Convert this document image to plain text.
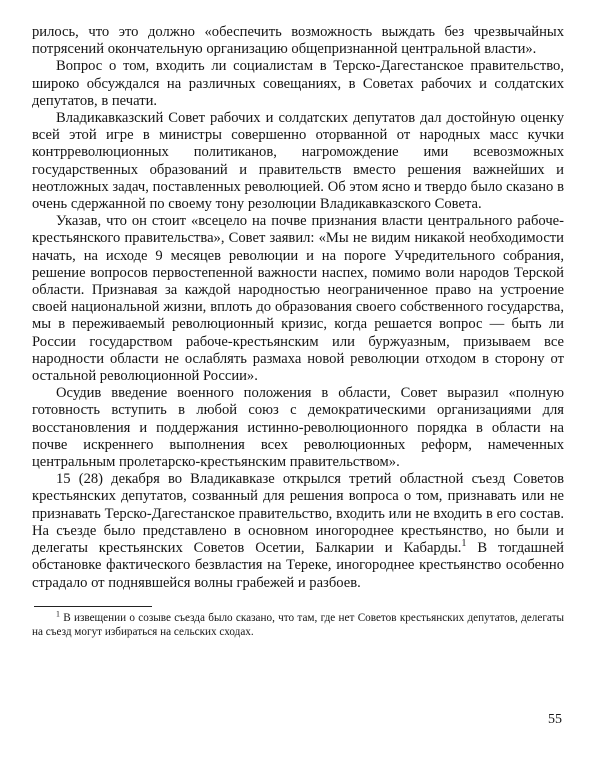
рилось, что это должно «обеспечить возможность выждать без чрезвычайных потрясений окончательную организацию общепризнанной центральной власти».

Вопрос о том, входить ли социалистам в Терско-Дагестанское правительство, широко обсуждался на различных совещаниях, в Советах рабочих и солдатских депутатов, в печати.

Владикавказский Совет рабочих и солдатских депутатов дал достойную оценку всей этой игре в министры совершенно оторванной от народных масс кучки контрреволюционных политиканов, нагромождение ими всевозможных государственных образований и правительств вместо решения важнейших и неотложных задач, поставленных революцией. Об этом ясно и твердо было сказано в очень сдержанной по своему тону резолюции Владикавказского Совета.

Указав, что он стоит «всецело на почве признания власти центрального рабоче-крестьянского правительства», Совет заявил: «Мы не видим никакой необходимости начать, на исходе 9 месяцев революции и на пороге Учредительного собрания, решение вопросов первостепенной важности наспех, помимо воли народов Терской области. Признавая за каждой народностью неограниченное право на устроение своей национальной жизни, вплоть до образования своего собственного государства, мы в переживаемый революционный кризис, когда решается вопрос — быть ли России государством рабоче-крестьянским или буржуазным, призываем все народности области не ослаблять размаха новой революции отходом в сторону от остальной революционной России».

Осудив введение военного положения в области, Совет выразил «полную готовность вступить в любой союз с демократическими организациями для восстановления и поддержания истинно-революционного порядка в области на почве искреннего выполнения всех революционных реформ, намеченных центральным пролетарско-крестьянским правительством».

15 (28) декабря во Владикавказе открылся третий областной съезд Советов крестьянских депутатов, созванный для решения вопроса о том, признавать или не признавать Терско-Дагестанское правительство, входить или не входить в его состав. На съезде было представлено в основном иногороднее крестьянство, но были и делегаты крестьянских Советов Осетии, Балкарии и Кабарды.$^1$ В тогдашней обстановке фактического безвластия на Тереке, иногороднее крестьянство особенно страдало от поднявшейся волны грабежей и разбоев.

$^1$ В извещении о созыве съезда было сказано, что там, где нет Советов крестьянских депутатов, делегаты на съезд могут избираться на сельских сходах.

55
